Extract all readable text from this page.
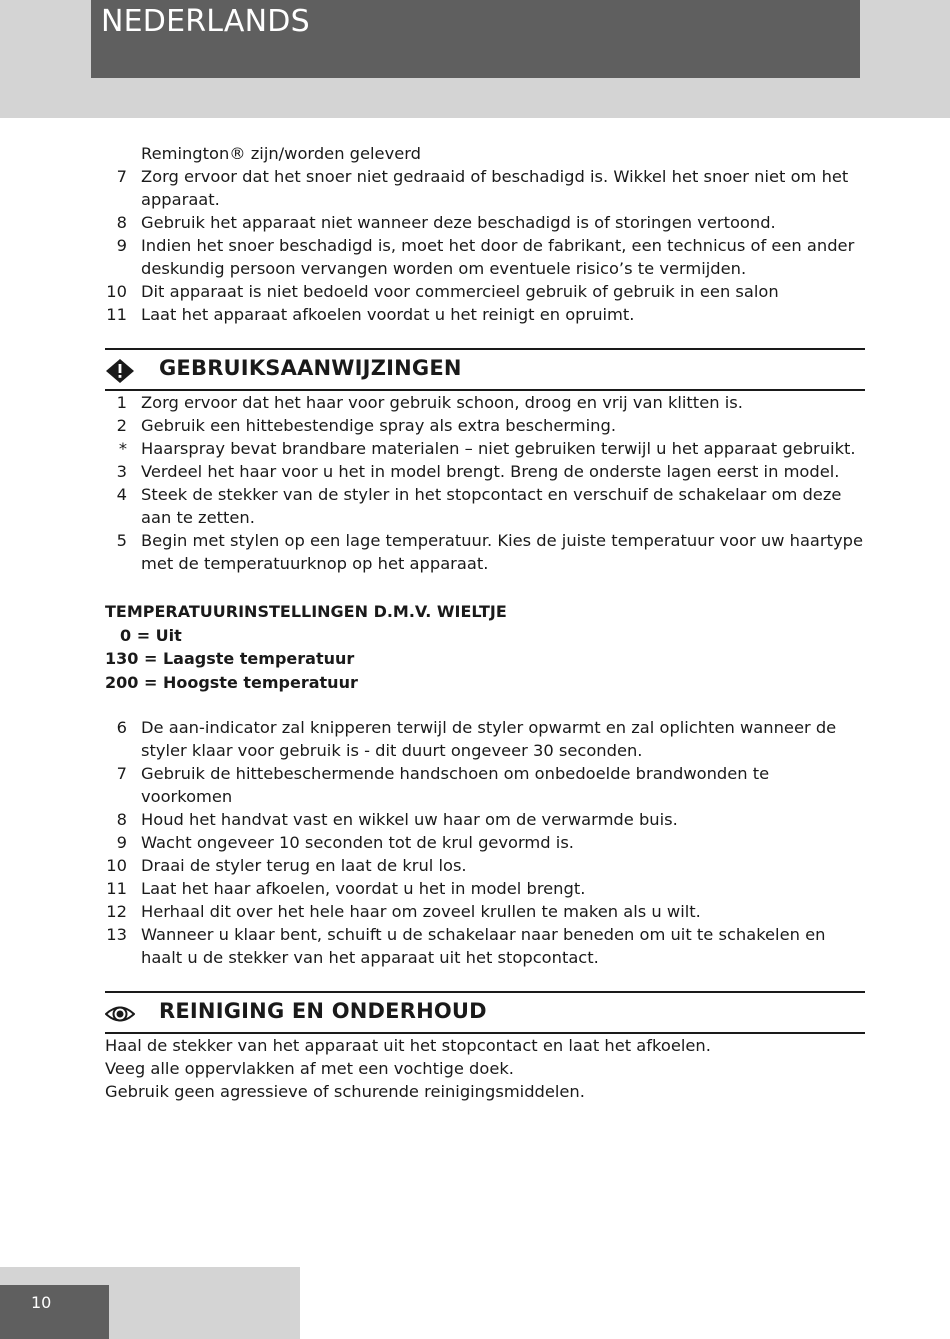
NEDERLANDS
Remington® zijn/worden geleverd
7 Zorg ervoor dat het snoer niet gedraaid of beschadigd is. Wikkel het snoer niet om het apparaat.
8 Gebruik het apparaat niet wanneer deze beschadigd is of storingen vertoond.
9 Indien het snoer beschadigd is, moet het door de fabrikant, een technicus of een ander deskundig persoon vervangen worden om eventuele risico’s te vermijden.
10 Dit apparaat is niet bedoeld voor commercieel gebruik of gebruik in een salon
11 Laat het apparaat afkoelen voordat u het reinigt en opruimt.
GEBRUIKSAANWIJZINGEN
1 Zorg ervoor dat het haar voor gebruik schoon, droog en vrij van klitten is.
2 Gebruik een hittebestendige spray als extra bescherming.
* Haarspray bevat brandbare materialen – niet gebruiken terwijl u het apparaat gebruikt.
3 Verdeel het haar voor u het in model brengt. Breng de onderste lagen eerst in model.
4 Steek de stekker van de styler in het stopcontact en verschuif de schakelaar om deze aan te zetten.
5 Begin met stylen op een lage temperatuur. Kies de juiste temperatuur voor uw haartype met de temperatuurknop op het apparaat.
TEMPERATUURINSTELLINGEN D.M.V. WIELTJE
0 = Uit
130 = Laagste temperatuur
200 = Hoogste temperatuur
6 De aan-indicator zal knipperen terwijl de styler opwarmt en zal oplichten wanneer de styler klaar voor gebruik is - dit duurt ongeveer 30 seconden.
7 Gebruik de hittebeschermende handschoen om onbedoelde brandwonden te voorkomen
8 Houd het handvat vast en wikkel uw haar om de verwarmde buis.
9 Wacht ongeveer 10 seconden tot de krul gevormd is.
10 Draai de styler terug en laat de krul los.
11 Laat het haar afkoelen, voordat u het in model brengt.
12 Herhaal dit over het hele haar om zoveel krullen te maken als u wilt.
13 Wanneer u klaar bent, schuift u de schakelaar naar beneden om uit te schakelen en haalt u de stekker van het apparaat uit het stopcontact.
REINIGING EN ONDERHOUD

Haal de stekker van het apparaat uit het stopcontact en laat het afkoelen.

Veeg alle oppervlakken af met een vochtige doek.

Gebruik geen agressieve of schurende reinigingsmiddelen.

10
